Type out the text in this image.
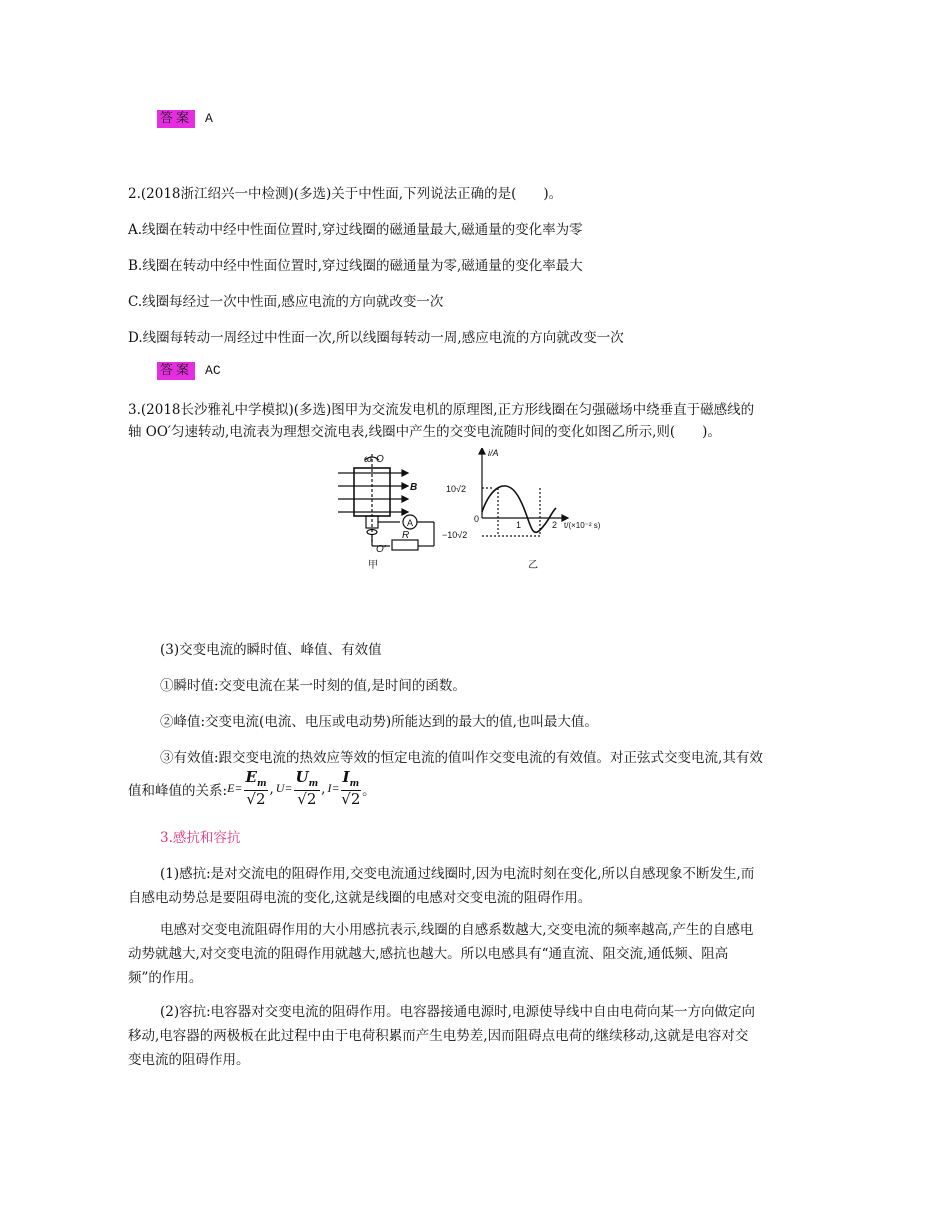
答案 A
2.(2018浙江绍兴一中检测)(多选)关于中性面,下列说法正确的是(　　)。
A.线圈在转动中经中性面位置时,穿过线圈的磁通量最大,磁通量的变化率为零
B.线圈在转动中经中性面位置时,穿过线圈的磁通量为零,磁通量的变化率最大
C.线圈每经过一次中性面,感应电流的方向就改变一次
D.线圈每转动一周经过中性面一次,所以线圈每转动一周,感应电流的方向就改变一次
答案 AC
3.(2018长沙雅礼中学模拟)(多选)图甲为交流发电机的原理图,正方形线圈在匀强磁场中绕垂直于磁感线的
轴 OO′匀速转动,电流表为理想交流电表,线圈中产生的交变电流随时间的变化如图乙所示,则(　　)。
ω O
B
A
R
O′
甲
i/A
10√2
−10√2
0
1	2 t/(×10⁻² s)
乙
(3)交变电流的瞬时值、峰值、有效值
①瞬时值:交变电流在某一时刻的值,是时间的函数。
②峰值:交变电流(电流、电压或电动势)所能达到的最大的值,也叫最大值。
③有效值:跟交变电流的热效应等效的恒定电流的值叫作交变电流的有效值。对正弦式交变电流,其有效
值和峰值的关系: $E= \frac{E_m}{√2}$ , $U= \frac{U_m}{√2}$ , $I= \frac{I_m}{√2}$ 。
3.感抗和容抗
(1)感抗:是对交流电的阻碍作用,交变电流通过线圈时,因为电流时刻在变化,所以自感现象不断发生,而
自感电动势总是要阻碍电流的变化,这就是线圈的电感对交变电流的阻碍作用。
电感对交变电流阻碍作用的大小用感抗表示,线圈的自感系数越大,交变电流的频率越高,产生的自感电
动势就越大,对交变电流的阻碍作用就越大,感抗也越大。所以电感具有“通直流、阻交流,通低频、阻高
频”的作用。
(2)容抗:电容器对交变电流的阻碍作用。电容器接通电源时,电源使导线中自由电荷向某一方向做定向
移动,电容器的两极板在此过程中由于电荷积累而产生电势差,因而阻碍点电荷的继续移动,这就是电容对交
变电流的阻碍作用。
